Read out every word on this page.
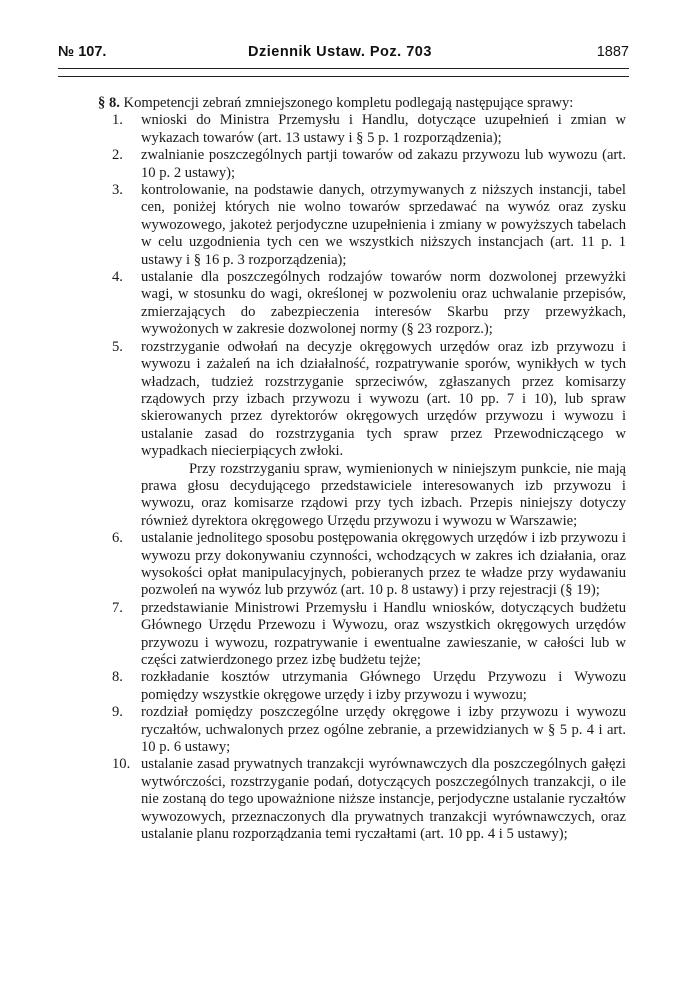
№ 107.	Dziennik Ustaw. Poz. 703	1887

§ 8. Kompetencji zebrań zmniejszonego kompletu podlegają następujące sprawy:

1.	wnioski do Ministra Przemysłu i Handlu, dotyczące uzupełnień i zmian w wykazach towarów (art. 13 ustawy i § 5 p. 1 rozporządzenia);
2.	zwalnianie poszczególnych partji towarów od zakazu przywozu lub wywozu (art. 10 p. 2 ustawy);
3.	kontrolowanie, na podstawie danych, otrzymywanych z niższych instancji, tabel cen, poniżej których nie wolno towarów sprzedawać na wywóz oraz zysku wywozowego, jakoteż perjodyczne uzupełnienia i zmiany w powyższych tabelach w celu uzgodnienia tych cen we wszystkich niższych instancjach (art. 11 p. 1 ustawy i § 16 p. 3 rozporządzenia);
4.	ustalanie dla poszczególnych rodzajów towarów norm dozwolonej przewyżki wagi, w stosunku do wagi, określonej w pozwoleniu oraz uchwalanie przepisów, zmierzających do zabezpieczenia interesów Skarbu przy przewyżkach, wywożonych w zakresie dozwolonej normy (§ 23 rozporz.);
5.	rozstrzyganie odwołań na decyzje okręgowych urzędów oraz izb przywozu i wywozu i zażaleń na ich działalność, rozpatrywanie sporów, wynikłych w tych władzach, tudzież rozstrzyganie sprzeciwów, zgłaszanych przez komisarzy rządowych przy izbach przywozu i wywozu (art. 10 pp. 7 i 10), lub spraw skierowanych przez dyrektorów okręgowych urzędów przywozu i wywozu i ustalanie zasad do rozstrzygania tych spraw przez Przewodniczącego w wypadkach niecierpiących zwłoki.

Przy rozstrzyganiu spraw, wymienionych w niniejszym punkcie, nie mają prawa głosu decydującego przedstawiciele interesowanych izb przywozu i wywozu, oraz komisarze rządowi przy tych izbach. Przepis niniejszy dotyczy również dyrektora okręgowego Urzędu przywozu i wywozu w Warszawie;

6.	ustalanie jednolitego sposobu postępowania okręgowych urzędów i izb przywozu i wywozu przy dokonywaniu czynności, wchodzących w zakres ich działania, oraz wysokości opłat manipulacyjnych, pobieranych przez te władze przy wydawaniu pozwoleń na wywóz lub przywóz (art. 10 p. 8 ustawy) i przy rejestracji (§ 19);
7.	przedstawianie Ministrowi Przemysłu i Handlu wniosków, dotyczących budżetu Głównego Urzędu Przewozu i Wywozu, oraz wszystkich okręgowych urzędów przywozu i wywozu, rozpatrywanie i ewentualne zawieszanie, w całości lub w części zatwierdzonego przez izbę budżetu tejże;
8.	rozkładanie kosztów utrzymania Głównego Urzędu Przywozu i Wywozu pomiędzy wszystkie okręgowe urzędy i izby przywozu i wywozu;
9.	rozdział pomiędzy poszczególne urzędy okręgowe i izby przywozu i wywozu ryczałtów, uchwalonych przez ogólne zebranie, a przewidzianych w § 5 p. 4 i art. 10 p. 6 ustawy;
10. ustalanie zasad prywatnych tranzakcji wyrównawczych dla poszczególnych gałęzi wytwórczości, rozstrzyganie podań, dotyczących poszczególnych tranzakcji, o ile nie zostaną do tego upoważnione niższe instancje, perjodyczne ustalanie ryczałtów wywozowych, przeznaczonych dla prywatnych tranzakcji wyrównawczych, oraz ustalanie planu rozporządzania temi ryczałtami (art. 10 pp. 4 i 5 ustawy);
